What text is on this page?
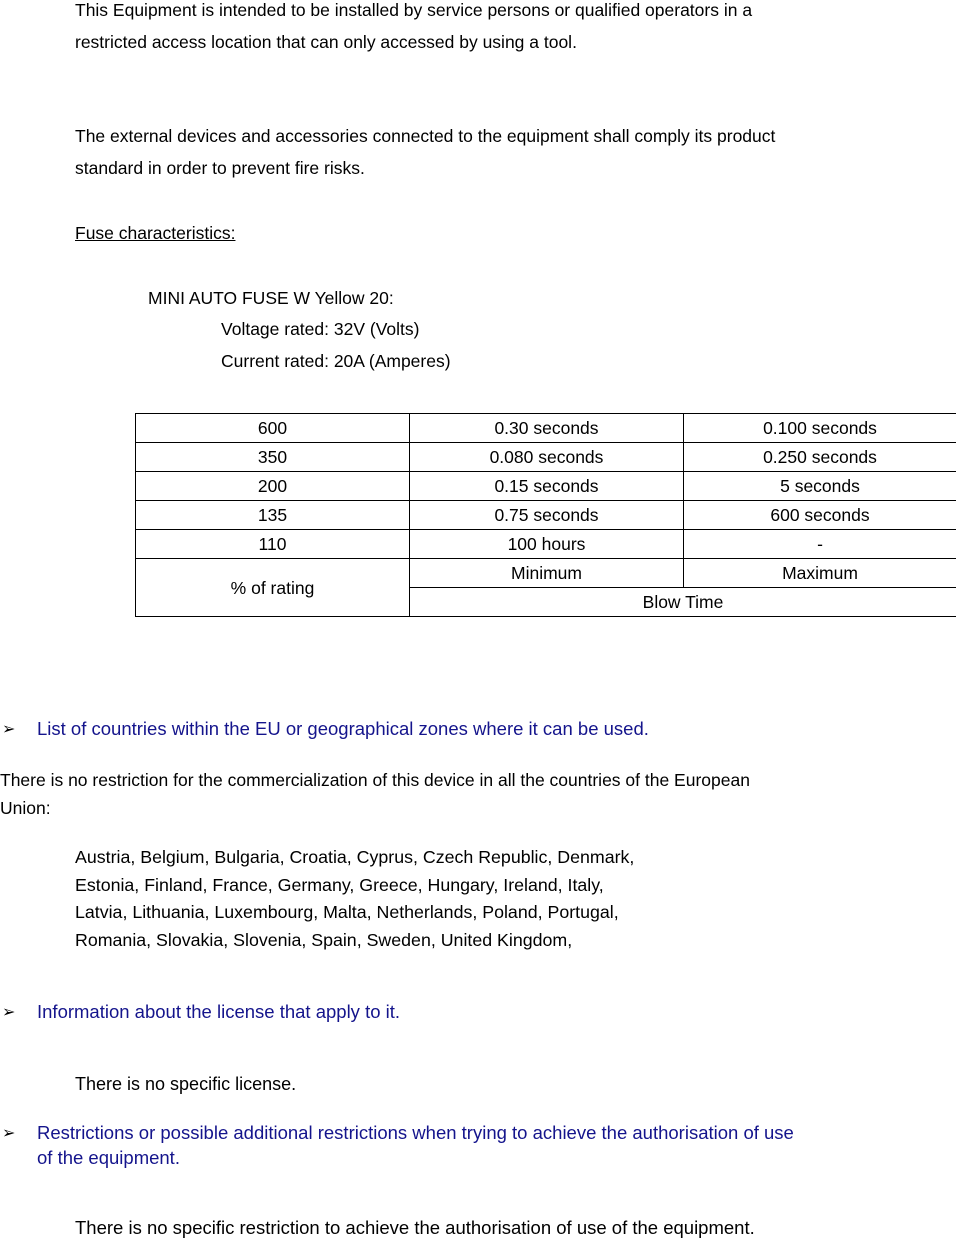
This Equipment is intended to be installed by service persons or qualified operators in a
restricted access location that can only accessed by using a tool.
The external devices and accessories connected to the equipment shall comply its product
standard in order to prevent fire risks.
Fuse characteristics:
MINI AUTO FUSE W Yellow 20:
Voltage rated: 32V (Volts)
Current rated: 20A (Amperes)
600	0.30 seconds	0.100 seconds
350	0.080 seconds	0.250 seconds
200	0.15 seconds	5 seconds
135	0.75 seconds	600 seconds
110	100 hours	-
% of rating	Minimum	Maximum
	Blow Time	
➢ List of countries within the EU or geographical zones where it can be used.
There is no restriction for the commercialization of this device in all the countries of the European
Union:
Austria, Belgium, Bulgaria, Croatia, Cyprus, Czech Republic, Denmark,
Estonia, Finland, France, Germany, Greece, Hungary, Ireland, Italy,
Latvia, Lithuania, Luxembourg, Malta, Netherlands, Poland, Portugal,
Romania, Slovakia, Slovenia, Spain, Sweden, United Kingdom,
➢ Information about the license that apply to it.
There is no specific license.
➢ Restrictions or possible additional restrictions when trying to achieve the authorisation of use
of the equipment.
There is no specific restriction to achieve the authorisation of use of the equipment.
